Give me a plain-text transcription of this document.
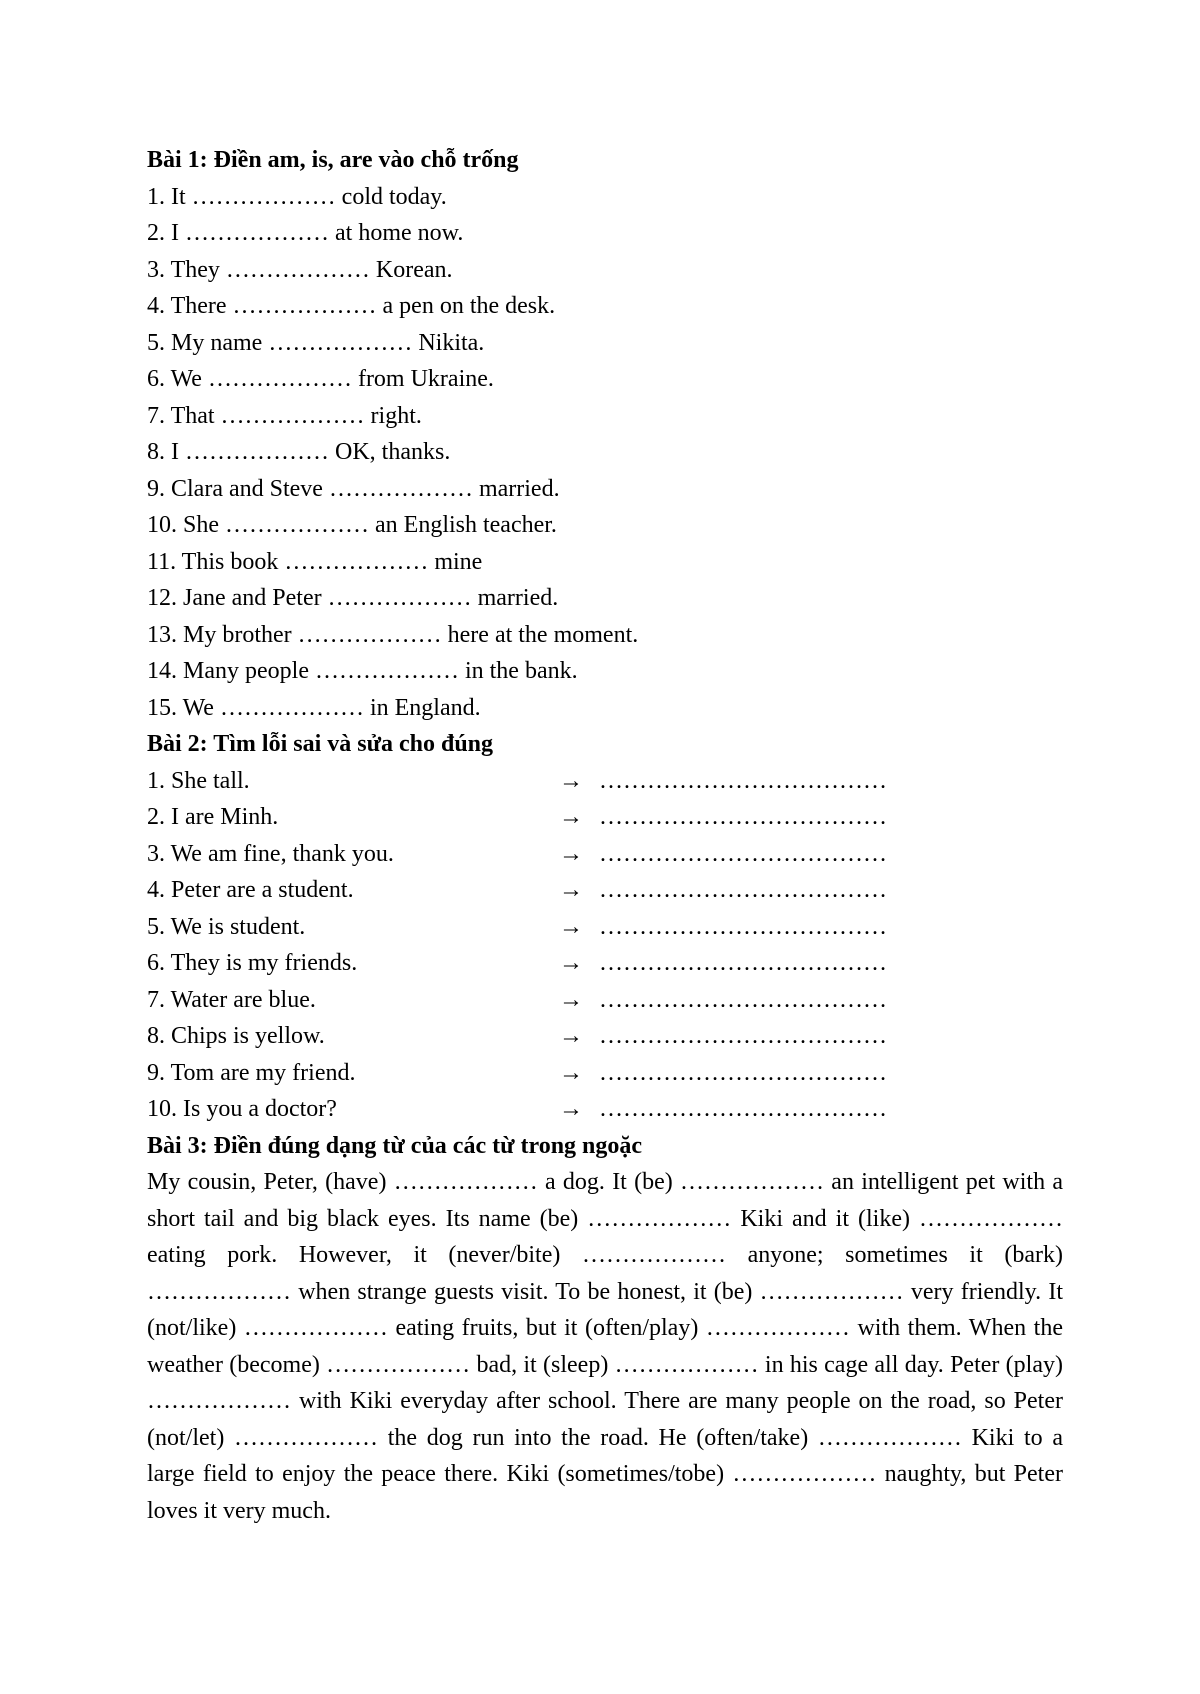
Bài 1: Điền am, is, are vào chỗ trống
1. It ……………… cold today.
2. I ……………… at home now.
3. They ……………… Korean.
4. There ……………… a pen on the desk.
5. My name ……………… Nikita.
6. We ……………… from Ukraine.
7. That ……………… right.
8. I ……………… OK, thanks.
9. Clara and Steve ……………… married.
10. She ……………… an English teacher.
11. This book ……………… mine
12. Jane and Peter ……………… married.
13. My brother ……………… here at the moment.
14. Many people ……………… in the bank.
15. We ……………… in England.
Bài 2: Tìm lỗi sai và sửa cho đúng
1. She tall.	→ ………………………………
2. I are Minh.	→ ………………………………
3. We am fine, thank you.	→ ………………………………
4. Peter are a student.	→ ………………………………
5. We is student.	→ ………………………………
6. They is my friends.	→ ………………………………
7. Water are blue.	→ ………………………………
8. Chips is yellow.	→ ………………………………
9. Tom are my friend.	→ ………………………………
10. Is you a doctor?	→ ………………………………
Bài 3: Điền đúng dạng từ của các từ trong ngoặc

My cousin, Peter, (have) ……………… a dog. It (be) ……………… an intelligent pet with a short tail and big black eyes. Its name (be) ……………… Kiki and it (like) ……………… eating pork. However, it (never/bite) ……………… anyone; sometimes it (bark) ……………… when strange guests visit. To be honest, it (be) ……………… very friendly. It (not/like) ……………… eating fruits, but it (often/play) ……………… with them. When the weather (become) ……………… bad, it (sleep) ……………… in his cage all day. Peter (play) ……………… with Kiki everyday after school. There are many people on the road, so Peter (not/let) ……………… the dog run into the road. He (often/take) ……………… Kiki to a large field to enjoy the peace there. Kiki (sometimes/tobe) ……………… naughty, but Peter loves it very much.
